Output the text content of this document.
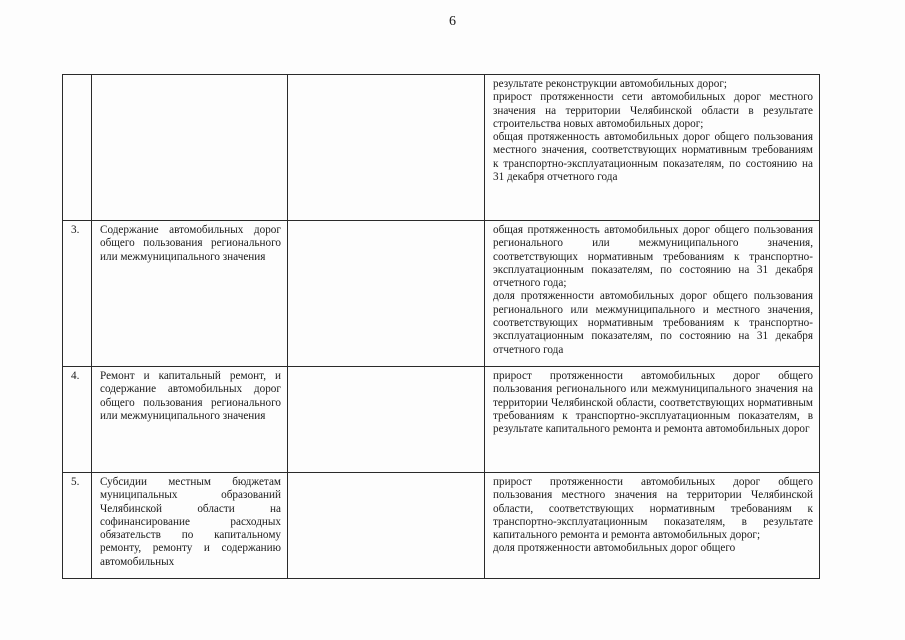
6

			результате реконструкции автомобильных дорог;
прирост протяженности сети автомобильных дорог местного значения на территории Челябинской области в результате строительства новых автомобильных дорог;
общая протяженность автомобильных дорог общего пользования местного значения, соответствующих нормативным требованиям к транспортно-эксплуатационным показателям, по состоянию на 31 декабря отчетного года

3.	Содержание автомобильных дорог общего пользования регионального или межмуниципального значения		общая протяженность автомобильных дорог общего пользования регионального или межмуниципального значения, соответствующих нормативным требованиям к транспортно-эксплуатационным показателям, по состоянию на 31 декабря отчетного года;
доля протяженности автомобильных дорог общего пользования регионального или межмуниципального и местного значения, соответствующих нормативным требованиям к транспортно-эксплуатационным показателям, по состоянию на 31 декабря отчетного года

4.	Ремонт и капитальный ремонт, и содержание автомобильных дорог общего пользования регионального или межмуниципального значения		прирост протяженности автомобильных дорог общего пользования регионального или межмуниципального значения на территории Челябинской области, соответствующих нормативным требованиям к транспортно-эксплуатационным показателям, в результате капитального ремонта и ремонта автомобильных дорог

5.	Субсидии местным бюджетам муниципальных образований Челябинской области на софинансирование расходных обязательств по капитальному ремонту, ремонту и содержанию автомобильных		прирост протяженности автомобильных дорог общего пользования местного значения на территории Челябинской области, соответствующих нормативным требованиям к транспортно-эксплуатационным показателям, в результате капитального ремонта и ремонта автомобильных дорог;
доля протяженности автомобильных дорог общего
